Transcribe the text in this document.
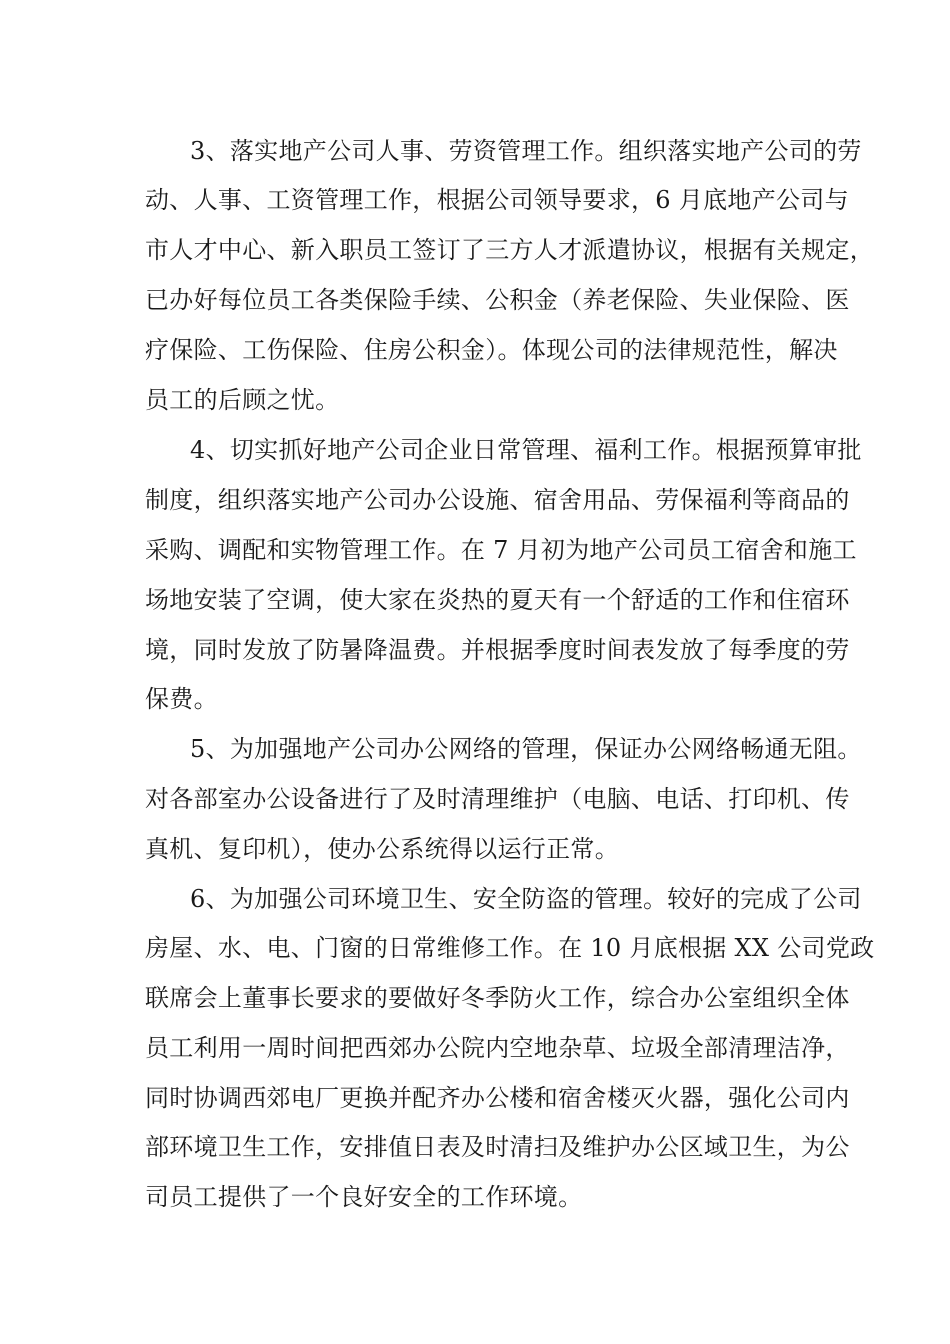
3、落实地产公司人事、劳资管理工作。组织落实地产公司的劳
动、人事、工资管理工作，根据公司领导要求，6 月底地产公司与
市人才中心、新入职员工签订了三方人才派遣协议，根据有关规定，
已办好每位员工各类保险手续、公积金（养老保险、失业保险、医
疗保险、工伤保险、住房公积金）。体现公司的法律规范性，解决
员工的后顾之忧。
4、切实抓好地产公司企业日常管理、福利工作。根据预算审批
制度，组织落实地产公司办公设施、宿舍用品、劳保福利等商品的
采购、调配和实物管理工作。在 7 月初为地产公司员工宿舍和施工
场地安装了空调，使大家在炎热的夏天有一个舒适的工作和住宿环
境，同时发放了防暑降温费。并根据季度时间表发放了每季度的劳
保费。
5、为加强地产公司办公网络的管理，保证办公网络畅通无阻。
对各部室办公设备进行了及时清理维护（电脑、电话、打印机、传
真机、复印机），使办公系统得以运行正常。
6、为加强公司环境卫生、安全防盗的管理。较好的完成了公司
房屋、水、电、门窗的日常维修工作。在 10 月底根据 XX 公司党政
联席会上董事长要求的要做好冬季防火工作，综合办公室组织全体
员工利用一周时间把西郊办公院内空地杂草、垃圾全部清理洁净，
同时协调西郊电厂更换并配齐办公楼和宿舍楼灭火器，强化公司内
部环境卫生工作，安排值日表及时清扫及维护办公区域卫生，为公
司员工提供了一个良好安全的工作环境。
